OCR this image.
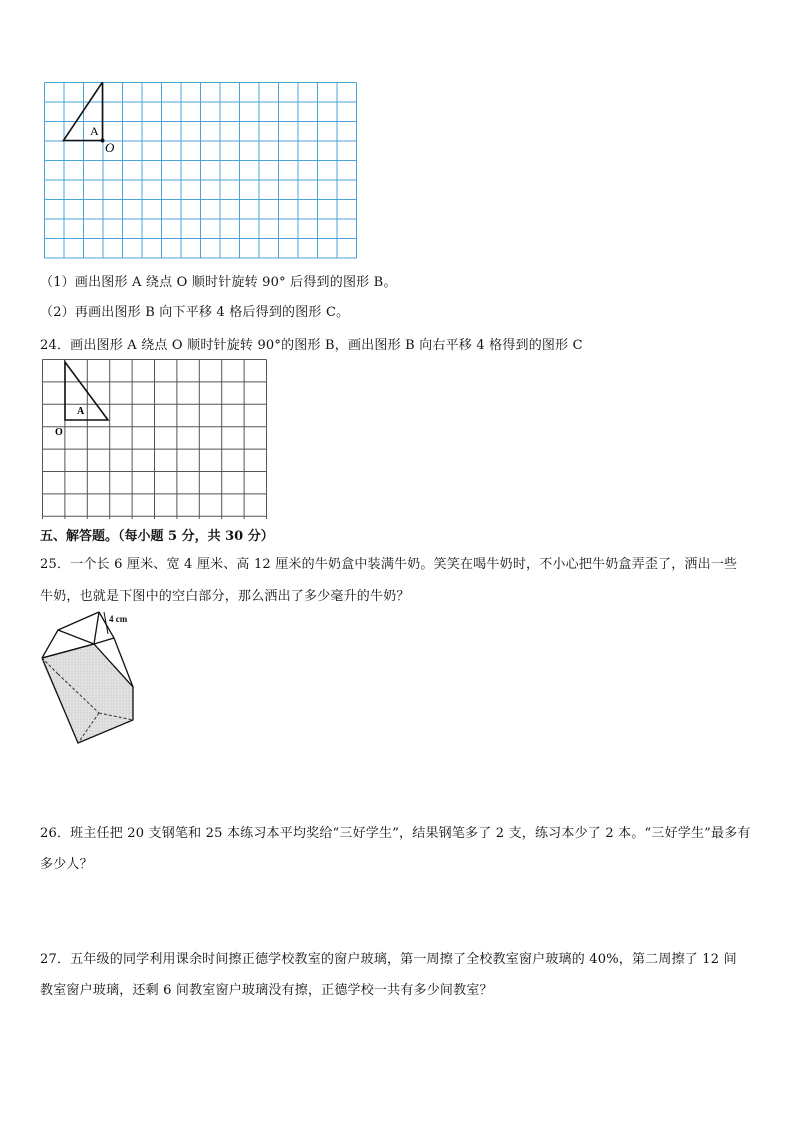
A
O
（1）画出图形 A 绕点 O 顺时针旋转 90° 后得到的图形 B。
（2）再画出图形 B 向下平移 4 格后得到的图形 C。
24．画出图形 A 绕点 O 顺时针旋转 90°的图形 B，画出图形 B 向右平移 4 格得到的图形 C
A
O
五、解答题。（每小题 5 分，共 30 分）
25．一个长 6 厘米、宽 4 厘米、高 12 厘米的牛奶盒中装满牛奶。笑笑在喝牛奶时，不小心把牛奶盒弄歪了，洒出一些
牛奶，也就是下图中的空白部分，那么洒出了多少毫升的牛奶？
4 cm
26．班主任把 20 支钢笔和 25 本练习本平均奖给“三好学生”，结果钢笔多了 2 支，练习本少了 2 本。“三好学生”最多有
多少人？
27．五年级的同学利用课余时间擦正德学校教室的窗户玻璃，第一周擦了全校教室窗户玻璃的 40%，第二周擦了 12 间
教室窗户玻璃，还剩 6 间教室窗户玻璃没有擦，正德学校一共有多少间教室？
